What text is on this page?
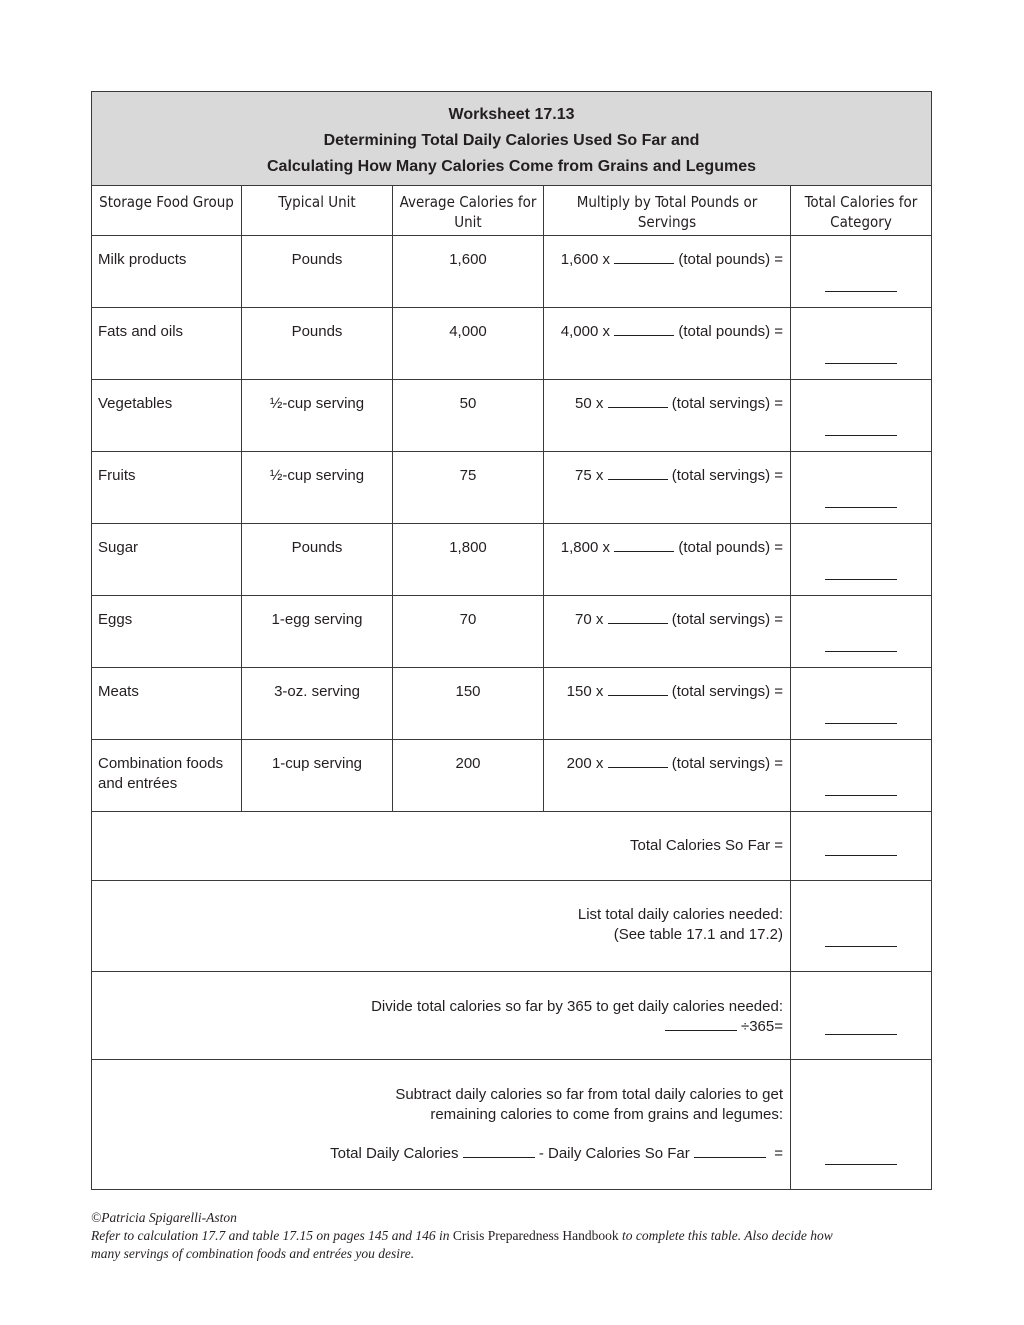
Worksheet 17.13
Determining Total Daily Calories Used So Far and
Calculating How Many Calories Come from Grains and Legumes				

Storage Food Group	Typical Unit	Average Calories for Unit	Multiply by Total Pounds or Servings	Total Calories for Category
Milk products	Pounds	1,600	1,600 x (total pounds) =	

Fats and oils	Pounds	4,000	4,000 x (total pounds) =	

Vegetables	½-cup serving	50	50 x (total servings) =	

Fruits	½-cup serving	75	75 x (total servings) =	

Sugar	Pounds	1,800	1,800 x (total pounds) =	

Eggs	1-egg serving	70	70 x (total servings) =	

Meats	3-oz. serving	150	150 x (total servings) =	

Combination foods and entrées	1-cup serving	200	200 x (total servings) =	

Total Calories So Far =				

List total daily calories needed:
(See table 17.1 and 17.2)				

Divide total calories so far by 365 to get daily calories needed:
÷365=				

Subtract daily calories so far from total daily calories to get
remaining calories to come from grains and legumes:
Total Daily Calories - Daily Calories So Far =				

©Patricia Spigarelli-Aston
Refer to calculation 17.7 and table 17.15 on pages 145 and 146 in Crisis Preparedness Handbook to complete this table. Also decide how
many servings of combination foods and entrées you desire.
